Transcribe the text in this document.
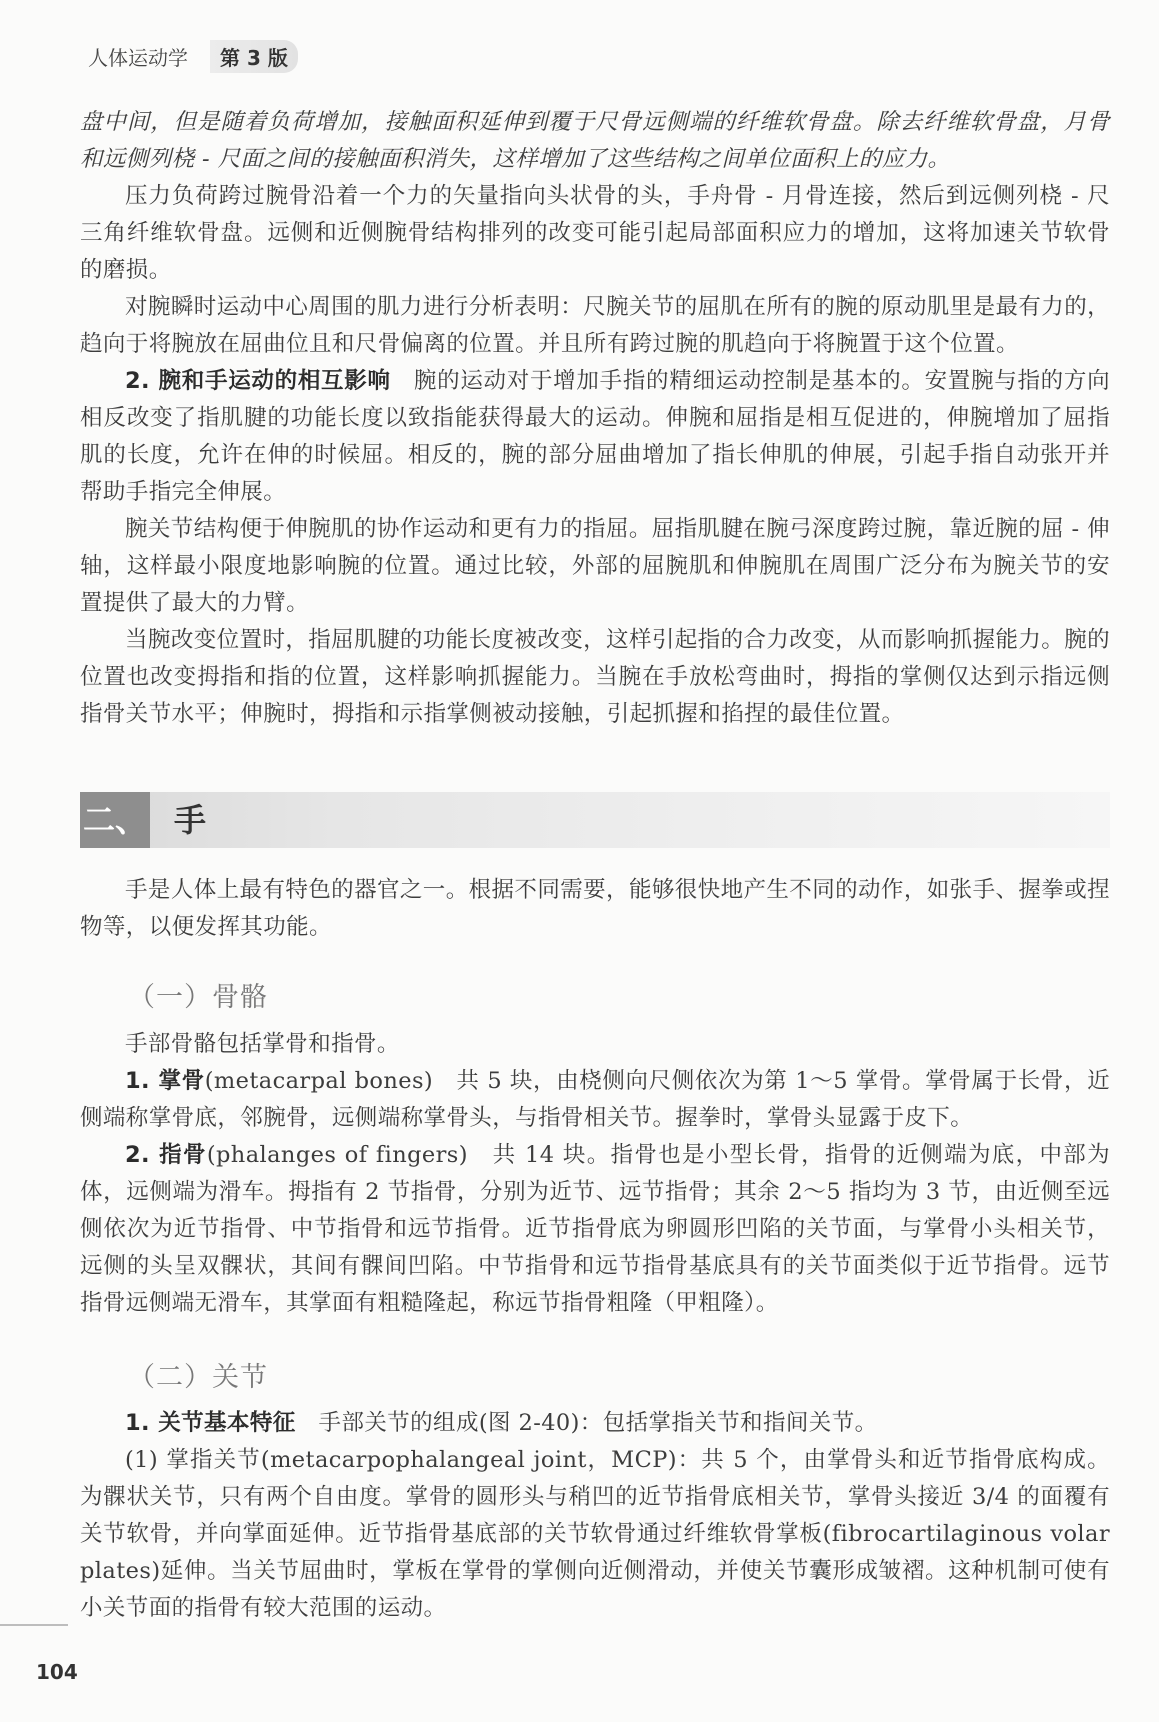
人体运动学	第 3 版

盘中间，但是随着负荷增加，接触面积延伸到覆于尺骨远侧端的纤维软骨盘。除去纤维软骨盘，月骨和远侧列桡 - 尺面之间的接触面积消失，这样增加了这些结构之间单位面积上的应力。

压力负荷跨过腕骨沿着一个力的矢量指向头状骨的头，手舟骨 - 月骨连接，然后到远侧列桡 - 尺三角纤维软骨盘。远侧和近侧腕骨结构排列的改变可能引起局部面积应力的增加，这将加速关节软骨的磨损。

对腕瞬时运动中心周围的肌力进行分析表明：尺腕关节的屈肌在所有的腕的原动肌里是最有力的，趋向于将腕放在屈曲位且和尺骨偏离的位置。并且所有跨过腕的肌趋向于将腕置于这个位置。

2. 腕和手运动的相互影响　 腕的运动对于增加手指的精细运动控制是基本的。安置腕与指的方向相反改变了指肌腱的功能长度以致指能获得最大的运动。伸腕和屈指是相互促进的，伸腕增加了屈指肌的长度，允许在伸的时候屈。相反的，腕的部分屈曲增加了指长伸肌的伸展，引起手指自动张开并帮助手指完全伸展。

腕关节结构便于伸腕肌的协作运动和更有力的指屈。屈指肌腱在腕弓深度跨过腕，靠近腕的屈 - 伸轴，这样最小限度地影响腕的位置。通过比较，外部的屈腕肌和伸腕肌在周围广泛分布为腕关节的安置提供了最大的力臂。

当腕改变位置时，指屈肌腱的功能长度被改变，这样引起指的合力改变，从而影响抓握能力。腕的位置也改变拇指和指的位置，这样影响抓握能力。当腕在手放松弯曲时，拇指的掌侧仅达到示指远侧指骨关节水平；伸腕时，拇指和示指掌侧被动接触，引起抓握和掐捏的最佳位置。

二、 手

手是人体上最有特色的器官之一。根据不同需要，能够很快地产生不同的动作，如张手、握拳或捏物等，以便发挥其功能。

（一）骨骼

手部骨骼包括掌骨和指骨。

1. 掌骨(metacarpal bones)　共 5 块，由桡侧向尺侧依次为第 1～5 掌骨。掌骨属于长骨，近侧端称掌骨底，邻腕骨，远侧端称掌骨头，与指骨相关节。握拳时，掌骨头显露于皮下。

2. 指骨(phalanges of fingers)　共 14 块。指骨也是小型长骨，指骨的近侧端为底，中部为体，远侧端为滑车。拇指有 2 节指骨，分别为近节、远节指骨；其余 2～5 指均为 3 节，由近侧至远侧依次为近节指骨、中节指骨和远节指骨。近节指骨底为卵圆形凹陷的关节面，与掌骨小头相关节，远侧的头呈双髁状，其间有髁间凹陷。中节指骨和远节指骨基底具有的关节面类似于近节指骨。远节指骨远侧端无滑车，其掌面有粗糙隆起，称远节指骨粗隆（甲粗隆）。

（二）关节

1. 关节基本特征　 手部关节的组成(图 2-40)：包括掌指关节和指间关节。

(1) 掌指关节(metacarpophalangeal joint，MCP)：共 5 个，由掌骨头和近节指骨底构成。为髁状关节，只有两个自由度。掌骨的圆形头与稍凹的近节指骨底相关节，掌骨头接近 3/4 的面覆有关节软骨，并向掌面延伸。近节指骨基底部的关节软骨通过纤维软骨掌板(fibrocartilaginous volar plates)延伸。当关节屈曲时，掌板在掌骨的掌侧向近侧滑动，并使关节囊形成皱褶。这种机制可使有小关节面的指骨有较大范围的运动。

104
